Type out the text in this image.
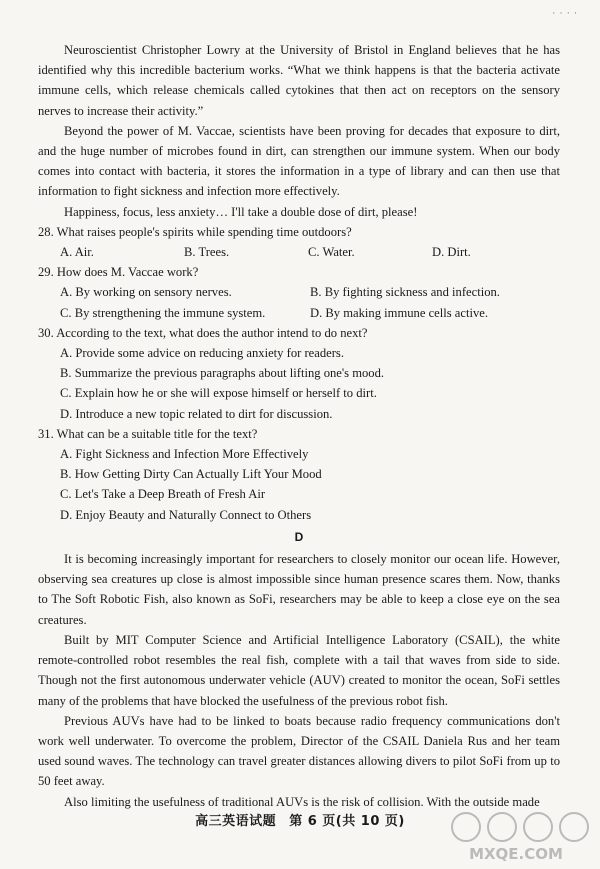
· · · ·

Neuroscientist Christopher Lowry at the University of Bristol in England believes that he has identified why this incredible bacterium works. “What we think happens is that the bacteria activate immune cells, which release chemicals called cytokines that then act on receptors on the sensory nerves to increase their activity.”

Beyond the power of M. Vaccae, scientists have been proving for decades that exposure to dirt, and the huge number of microbes found in dirt, can strengthen our immune system. When our body comes into contact with bacteria, it stores the information in a type of library and can then use that information to fight sickness and infection more effectively.

Happiness, focus, less anxiety… I'll take a double dose of dirt, please!

28. What raises people's spirits while spending time outdoors?

A. Air.	B. Trees.	C. Water.	D. Dirt.

29. How does M. Vaccae work?

A. By working on sensory nerves.	B. By fighting sickness and infection.
C. By strengthening the immune system.	D. By making immune cells active.

30. According to the text, what does the author intend to do next?

A. Provide some advice on reducing anxiety for readers.

B. Summarize the previous paragraphs about lifting one's mood.

C. Explain how he or she will expose himself or herself to dirt.

D. Introduce a new topic related to dirt for discussion.

31. What can be a suitable title for the text?

A. Fight Sickness and Infection More Effectively

B. How Getting Dirty Can Actually Lift Your Mood

C. Let's Take a Deep Breath of Fresh Air

D. Enjoy Beauty and Naturally Connect to Others

D

It is becoming increasingly important for researchers to closely monitor our ocean life. However, observing sea creatures up close is almost impossible since human presence scares them. Now, thanks to The Soft Robotic Fish, also known as SoFi, researchers may be able to keep a close eye on the sea creatures.

Built by MIT Computer Science and Artificial Intelligence Laboratory (CSAIL), the white remote-controlled robot resembles the real fish, complete with a tail that waves from side to side. Though not the first autonomous underwater vehicle (AUV) created to monitor the ocean, SoFi settles many of the problems that have blocked the usefulness of the previous robot fish.

Previous AUVs have had to be linked to boats because radio frequency communications don't work well underwater. To overcome the problem, Director of the CSAIL Daniela Rus and her team used sound waves. The technology can travel greater distances allowing divers to pilot SoFi from up to 50 feet away.

Also limiting the usefulness of traditional AUVs is the risk of collision. With the outside made

高三英语试题 第 6 页(共 10 页)
MXQE.COM
